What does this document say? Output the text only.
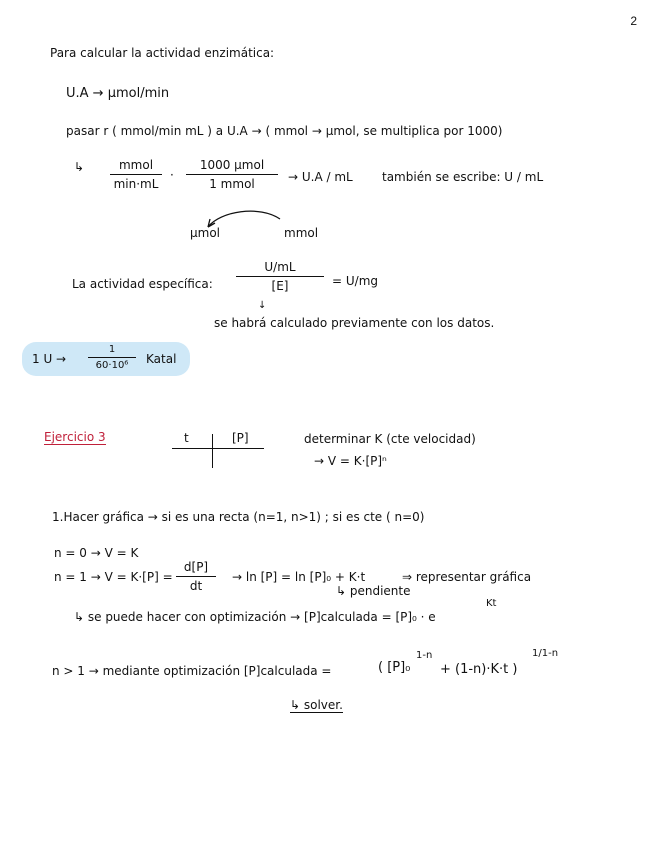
2
Para calcular la actividad enzimática:
U.A → μmol/min
pasar r ( mmol/min mL ) a U.A → ( mmol → μmol, se multiplica por 1000)
↳	mmol
min·mL
·
1000 μmol
1 mmol
→ U.A / mL también se escribe: U / mL
μmol	mmol
La actividad específica:
U/mL
[E]	= U/mg
↓
se habrá calculado previamente con los datos.
1 U →
1
60·10⁶	Katal
Ejercicio 3	t	[P]	determinar K (cte velocidad)
→ V = K·[P]ⁿ
1.Hacer gráfica → si es una recta (n=1, n>1) ; si es cte ( n=0)
n = 0 → V = K
n = 1 → V = K·[P] =
d[P]
dt
→ ln [P] = ln [P]₀ + K·t	⇒ representar gráfica
↳ pendiente
↳ se puede hacer con optimización → [P]calculada = [P]₀ · e
Kt
n > 1 → mediante optimización [P]calculada =	( [P]₀
1-n
+ (1-n)·K·t )
1/1-n
↳ solver.
